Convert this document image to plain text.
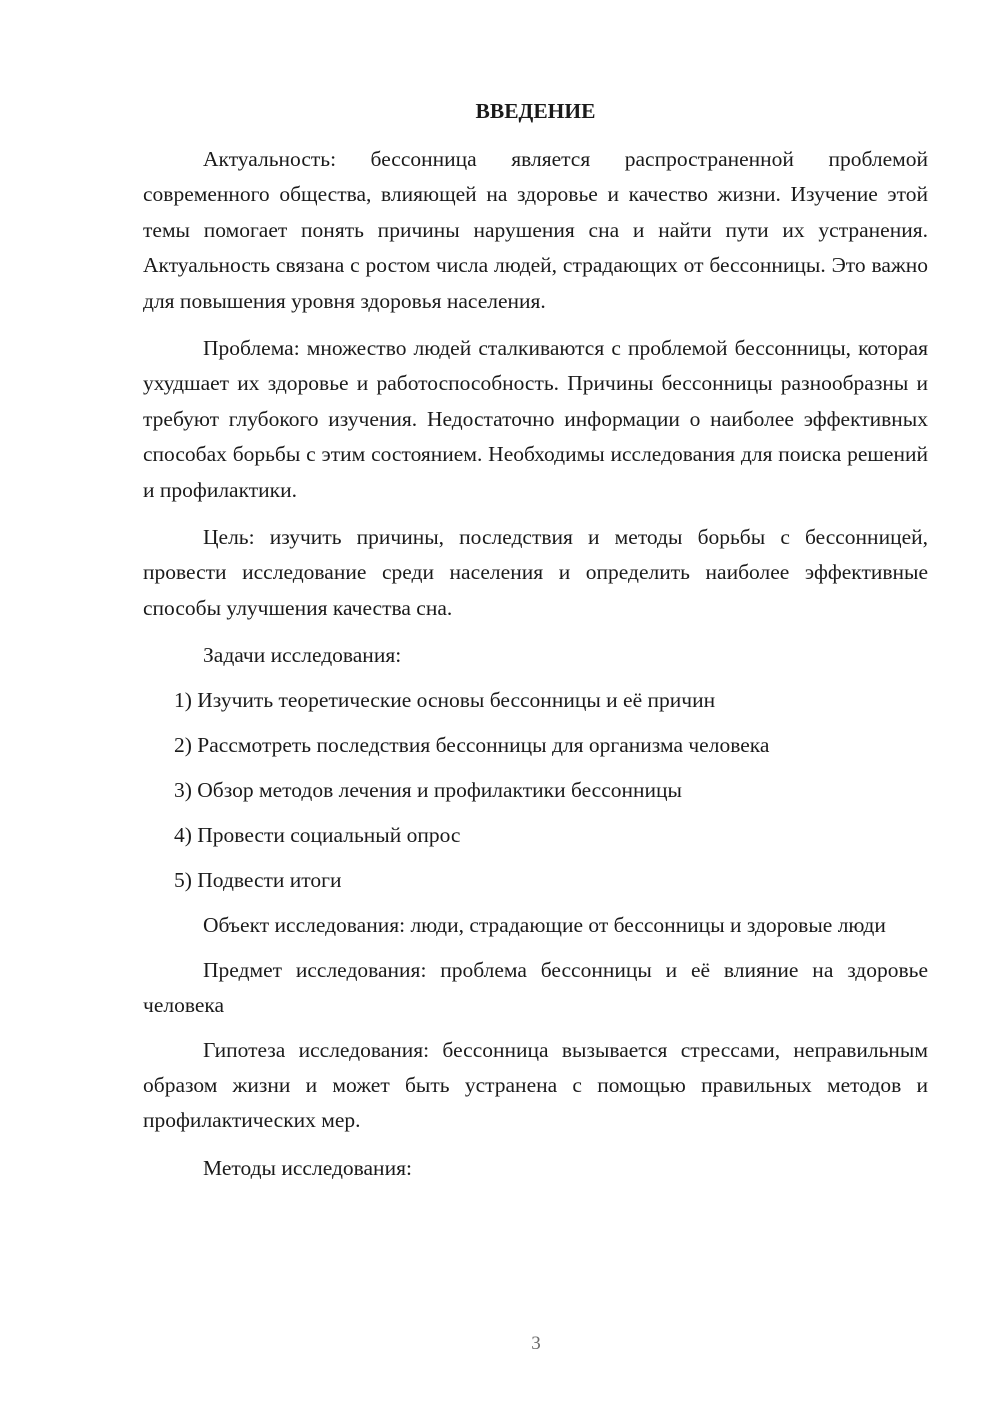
ВВЕДЕНИЕ

Актуальность: бессонница является распространенной проблемой современного общества, влияющей на здоровье и качество жизни. Изучение этой темы помогает понять причины нарушения сна и найти пути их устранения. Актуальность связана с ростом числа людей, страдающих от бессонницы. Это важно для повышения уровня здоровья населения.

Проблема: множество людей сталкиваются с проблемой бессонницы, которая ухудшает их здоровье и работоспособность. Причины бессонницы разнообразны и требуют глубокого изучения. Недостаточно информации о наиболее эффективных способах борьбы с этим состоянием. Необходимы исследования для поиска решений и профилактики.

Цель: изучить причины, последствия и методы борьбы с бессонницей, провести исследование среди населения и определить наиболее эффективные способы улучшения качества сна.

Задачи исследования:

1) Изучить теоретические основы бессонницы и её причин
2) Рассмотреть последствия бессонницы для организма человека
3) Обзор методов лечения и профилактики бессонницы
4) Провести социальный опрос
5) Подвести итоги

Объект исследования: люди, страдающие от бессонницы и здоровые люди

Предмет исследования: проблема бессонницы и её влияние на здоровье человека

Гипотеза исследования: бессонница вызывается стрессами, неправильным образом жизни и может быть устранена с помощью правильных методов и профилактических мер.

Методы исследования:

3
